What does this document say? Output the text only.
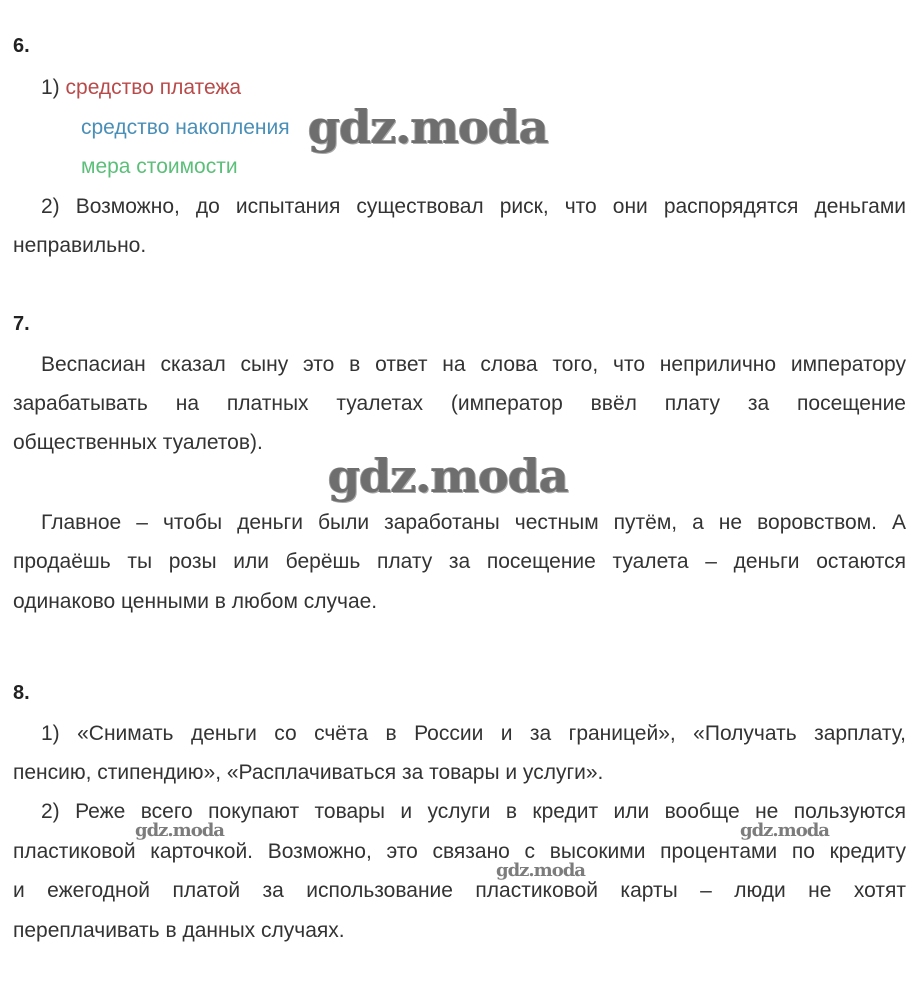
6.
1) средство платежа
средство накопления
мера стоимости
2) Возможно, до испытания существовал риск, что они распорядятся деньгами
неправильно.
7.
Веспасиан сказал сыну это в ответ на слова того, что неприлично императору
зарабатывать на платных туалетах (император ввёл плату за посещение
общественных туалетов).
Главное – чтобы деньги были заработаны честным путём, а не воровством. А
продаёшь ты розы или берёшь плату за посещение туалета – деньги остаются
одинаково ценными в любом случае.
8.
1) «Снимать деньги со счёта в России и за границей», «Получать зарплату,
пенсию, стипендию», «Расплачиваться за товары и услуги».
2) Реже всего покупают товары и услуги в кредит или вообще не пользуются
пластиковой карточкой. Возможно, это связано с высокими процентами по кредиту
и ежегодной платой за использование пластиковой карты – люди не хотят
переплачивать в данных случаях.
gdz.moda
gdz.moda
gdz.moda	gdz.moda
gdz.moda
